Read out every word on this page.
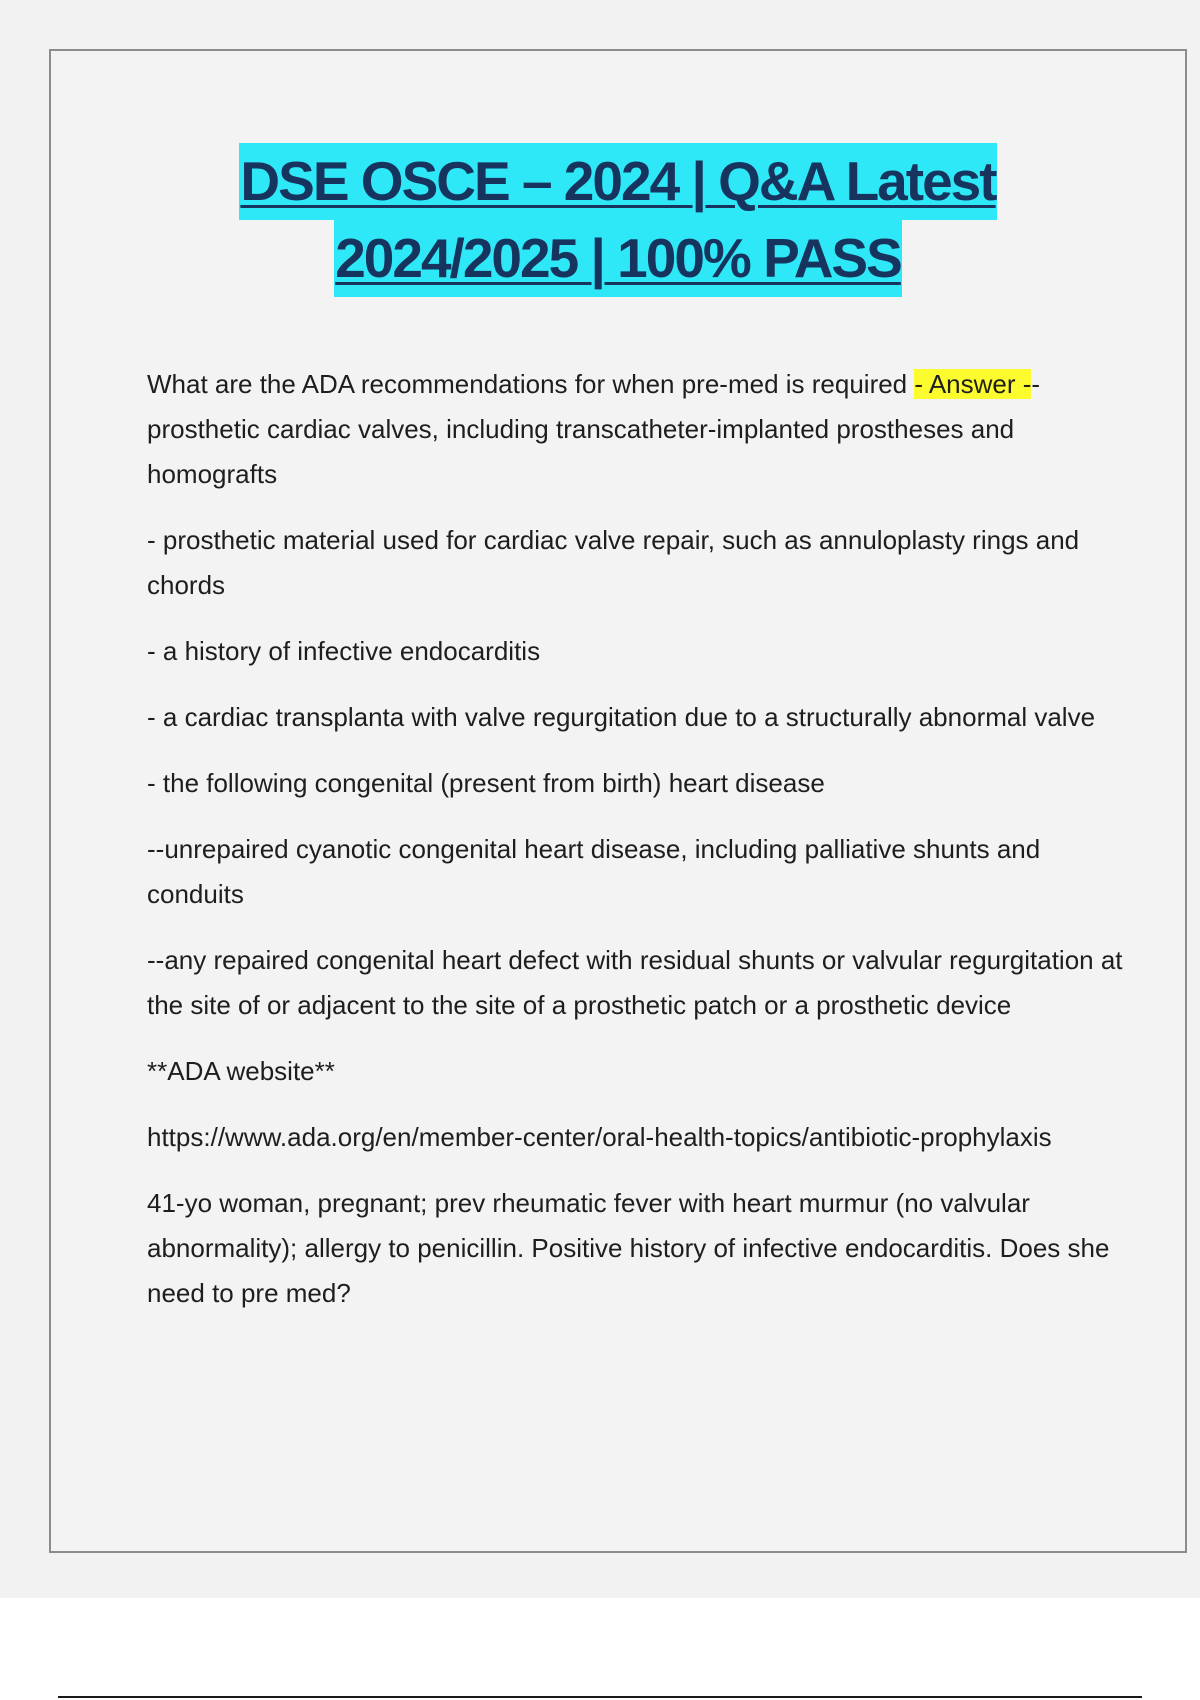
DSE OSCE – 2024 | Q&A Latest
2024/2025 | 100% PASS

What are the ADA recommendations for when pre-med is required - Answer -- prosthetic cardiac valves, including transcatheter-implanted prostheses and homografts

- prosthetic material used for cardiac valve repair, such as annuloplasty rings and chords

- a history of infective endocarditis

- a cardiac transplanta with valve regurgitation due to a structurally abnormal valve

- the following congenital (present from birth) heart disease

--unrepaired cyanotic congenital heart disease, including palliative shunts and conduits

--any repaired congenital heart defect with residual shunts or valvular regurgitation at the site of or adjacent to the site of a prosthetic patch or a prosthetic device

**ADA website**

https://www.ada.org/en/member-center/oral-health-topics/antibiotic-prophylaxis

41-yo woman, pregnant; prev rheumatic fever with heart murmur (no valvular abnormality); allergy to penicillin. Positive history of infective endocarditis. Does she need to pre med?
